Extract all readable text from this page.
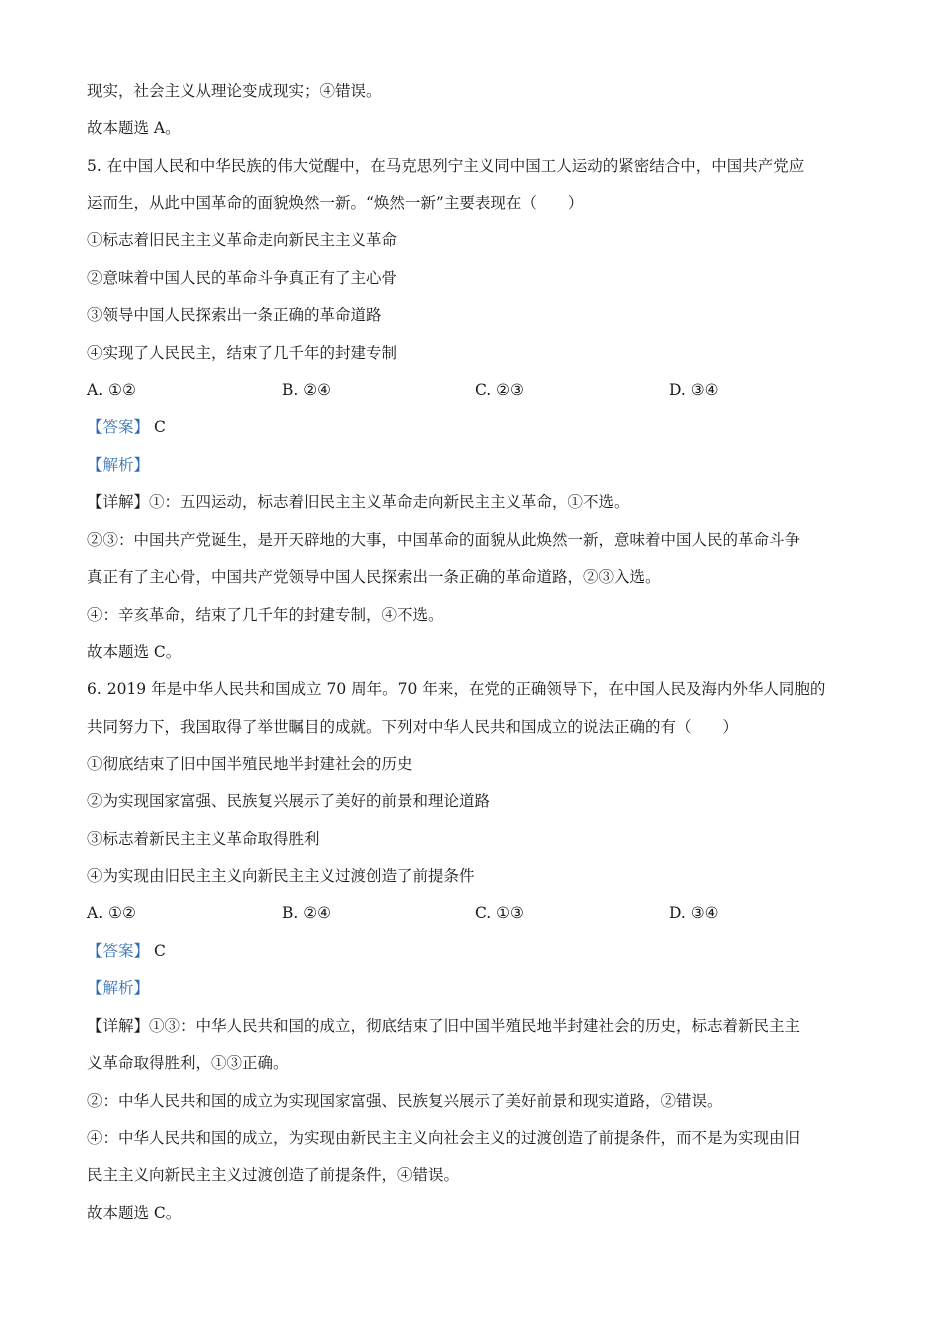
现实，社会主义从理论变成现实；④错误。
故本题选 A。
5. 在中国人民和中华民族的伟大觉醒中，在马克思列宁主义同中国工人运动的紧密结合中，中国共产党应
运而生，从此中国革命的面貌焕然一新。“焕然一新”主要表现在（　　）
①标志着旧民主主义革命走向新民主主义革命
②意味着中国人民的革命斗争真正有了主心骨
③领导中国人民探索出一条正确的革命道路
④实现了人民民主，结束了几千年的封建专制
A. ①②	B. ②④	C. ②③	D. ③④
【答案】 C
【解析】
【详解】①：五四运动，标志着旧民主主义革命走向新民主主义革命，①不选。
②③：中国共产党诞生，是开天辟地的大事，中国革命的面貌从此焕然一新，意味着中国人民的革命斗争
真正有了主心骨，中国共产党领导中国人民探索出一条正确的革命道路，②③入选。
④：辛亥革命，结束了几千年的封建专制，④不选。
故本题选 C。
6. 2019 年是中华人民共和国成立 70 周年。70 年来，在党的正确领导下，在中国人民及海内外华人同胞的
共同努力下，我国取得了举世瞩目的成就。下列对中华人民共和国成立的说法正确的有（　　）
①彻底结束了旧中国半殖民地半封建社会的历史
②为实现国家富强、民族复兴展示了美好的前景和理论道路
③标志着新民主主义革命取得胜利
④为实现由旧民主主义向新民主主义过渡创造了前提条件
A. ①②	B. ②④	C. ①③	D. ③④
【答案】 C
【解析】
【详解】①③：中华人民共和国的成立，彻底结束了旧中国半殖民地半封建社会的历史，标志着新民主主
义革命取得胜利，①③正确。
②：中华人民共和国的成立为实现国家富强、民族复兴展示了美好前景和现实道路，②错误。
④：中华人民共和国的成立，为实现由新民主主义向社会主义的过渡创造了前提条件，而不是为实现由旧
民主主义向新民主主义过渡创造了前提条件，④错误。
故本题选 C。
